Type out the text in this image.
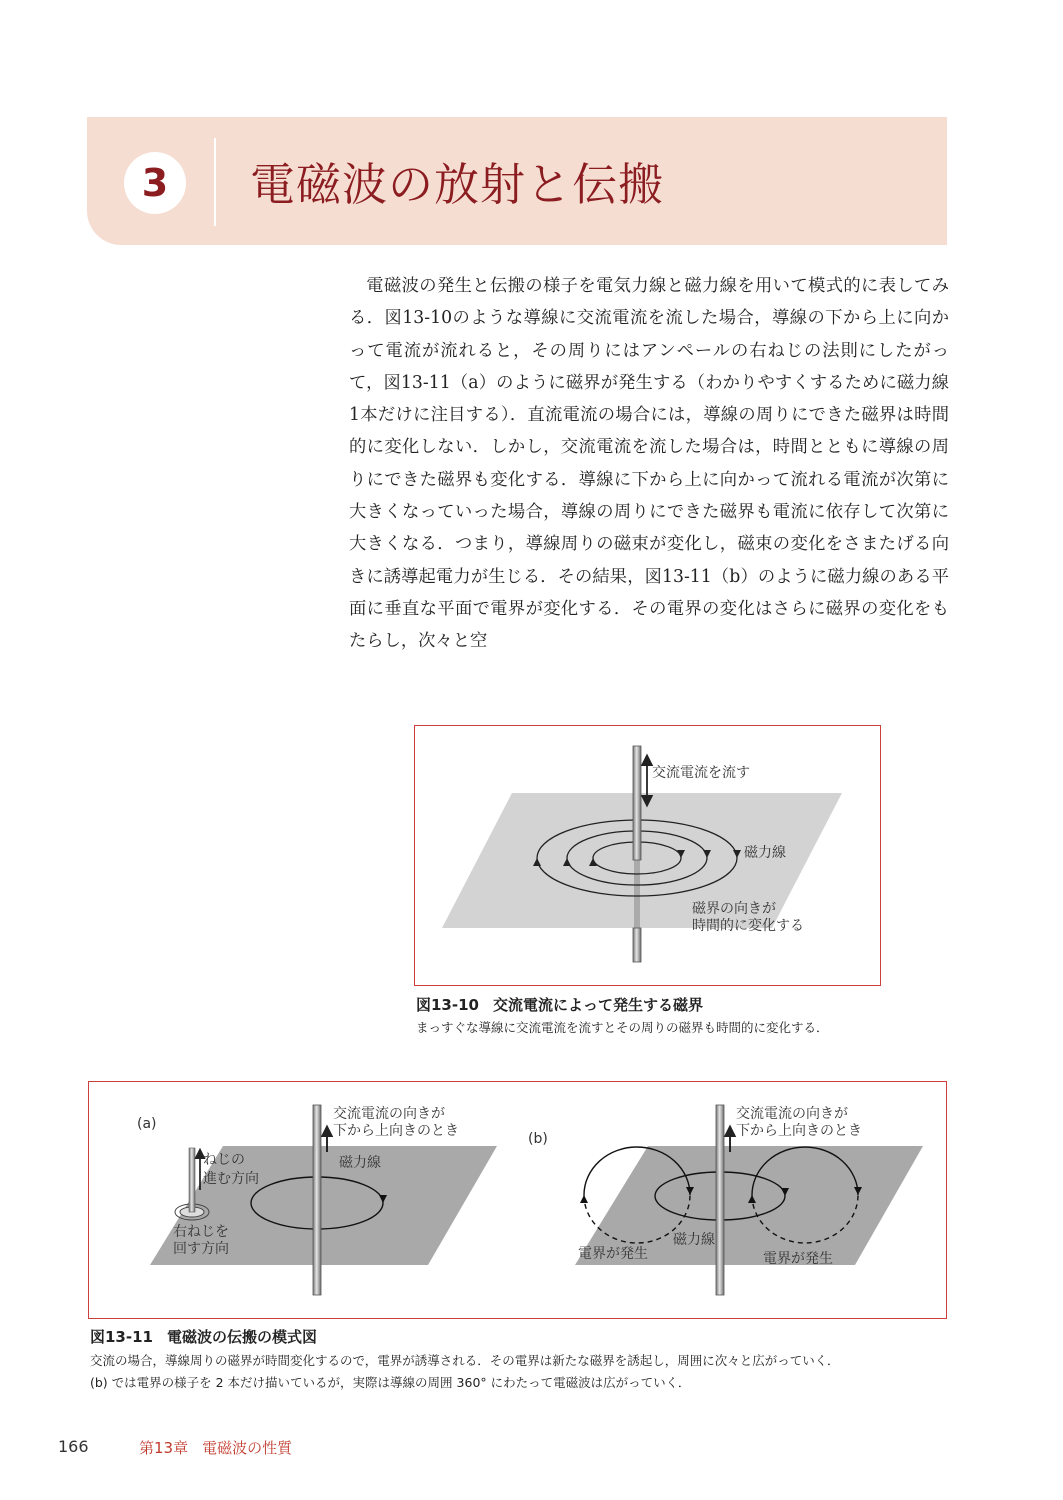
3	電磁波の放射と伝搬

電磁波の発生と伝搬の様子を電気力線と磁力線を用いて模式的に表してみる．図13-10のような導線に交流電流を流した場合，導線の下から上に向かって電流が流れると，その周りにはアンペールの右ねじの法則にしたがって，図13-11（a）のように磁界が発生する（わかりやすくするために磁力線1本だけに注目する）．直流電流の場合には，導線の周りにできた磁界は時間的に変化しない．しかし，交流電流を流した場合は，時間とともに導線の周りにできた磁界も変化する．導線に下から上に向かって流れる電流が次第に大きくなっていった場合，導線の周りにできた磁界も電流に依存して次第に大きくなる．つまり，導線周りの磁束が変化し，磁束の変化をさまたげる向きに誘導起電力が生じる．その結果，図13-11（b）のように磁力線のある平面に垂直な平面で電界が変化する．その電界の変化はさらに磁界の変化をもたらし，次々と空

交流電流を流す
磁力線
磁界の向きが
時間的に変化する

図13-10 交流電流によって発生する磁界

まっすぐな導線に交流電流を流すとその周りの磁界も時間的に変化する．

(a)
交流電流の向きが
下から上向きのとき
ねじの
進む方向
磁力線
右ねじを
回す方向
(b)
交流電流の向きが
下から上向きのとき
磁力線
電界が発生	電界が発生

図13-11 電磁波の伝搬の模式図

交流の場合，導線周りの磁界が時間変化するので，電界が誘導される．その電界は新たな磁界を誘起し，周囲に次々と広がっていく．

(b) では電界の様子を 2 本だけ描いているが，実際は導線の周囲 360° にわたって電磁波は広がっていく．

166	第13章 電磁波の性質
